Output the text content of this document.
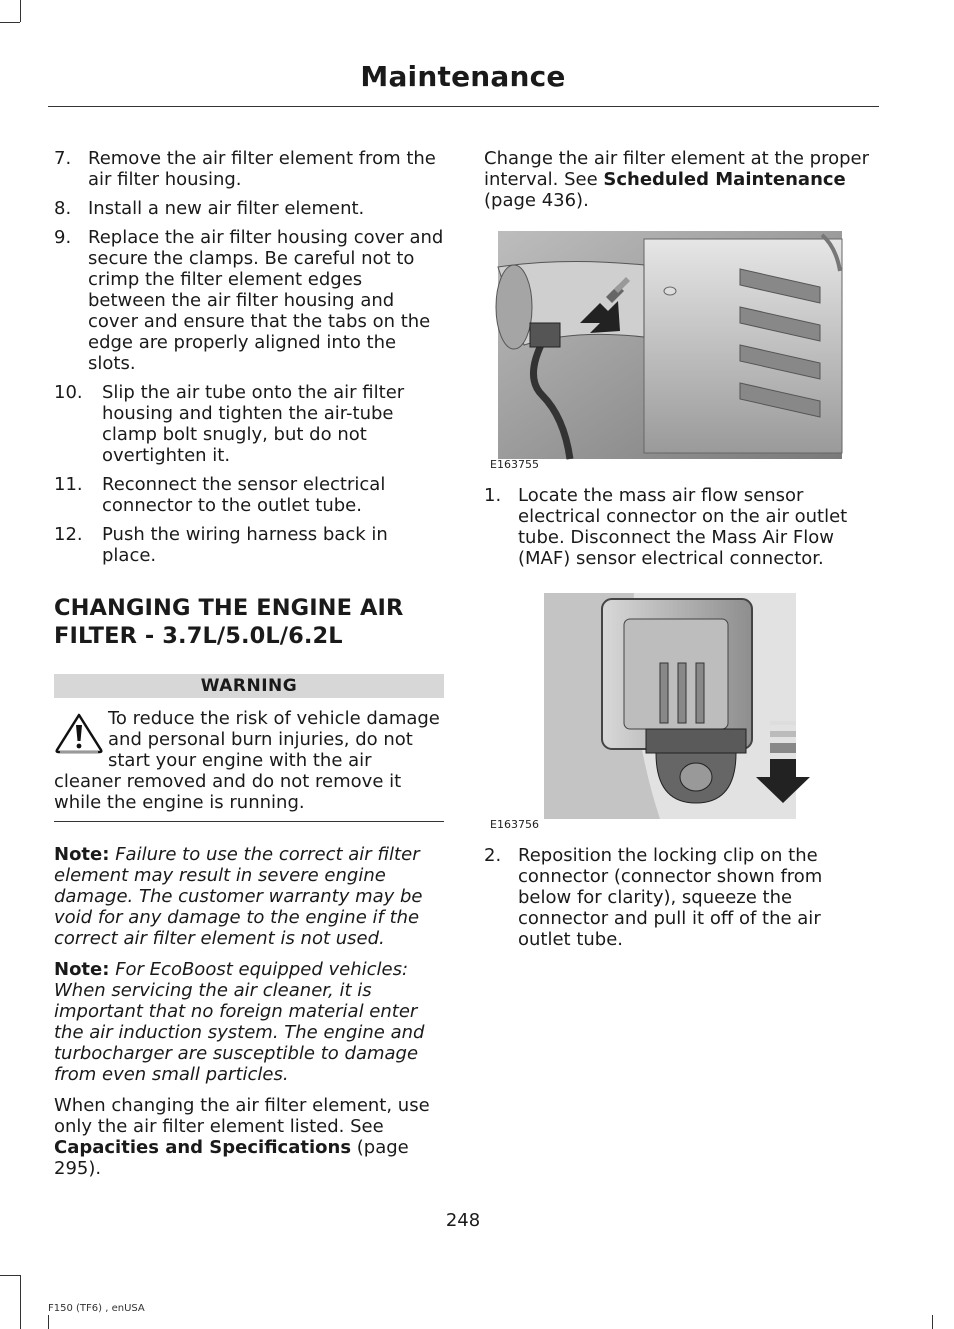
Maintenance
7. Remove the air filter element from the air filter housing.
8. Install a new air filter element.
9. Replace the air filter housing cover and secure the clamps. Be careful not to crimp the filter element edges between the air filter housing and cover and ensure that the tabs on the edge are properly aligned into the slots.
10.	Slip the air tube onto the air filter housing and tighten the air-tube clamp bolt snugly, but do not overtighten it.
11.	Reconnect the sensor electrical connector to the outlet tube.
12.	Push the wiring harness back in place.
CHANGING THE ENGINE AIR FILTER - 3.7L/5.0L/6.2L
WARNING
To reduce the risk of vehicle damage and personal burn injuries, do not start your engine with the air cleaner removed and do not remove it while the engine is running.

Note: Failure to use the correct air filter element may result in severe engine damage. The customer warranty may be void for any damage to the engine if the correct air filter element is not used.

Note: For EcoBoost equipped vehicles: When servicing the air cleaner, it is important that no foreign material enter the air induction system. The engine and turbocharger are susceptible to damage from even small particles.

When changing the air filter element, use only the air filter element listed. See Capacities and Specifications (page 295).

Change the air filter element at the proper interval. See Scheduled Maintenance (page 436).

E163755
1. Locate the mass air flow sensor electrical connector on the air outlet tube. Disconnect the Mass Air Flow (MAF) sensor electrical connector.
E163756
2. Reposition the locking clip on the connector (connector shown from below for clarity), squeeze the connector and pull it off of the air outlet tube.
248
F150 (TF6) , enUSA
